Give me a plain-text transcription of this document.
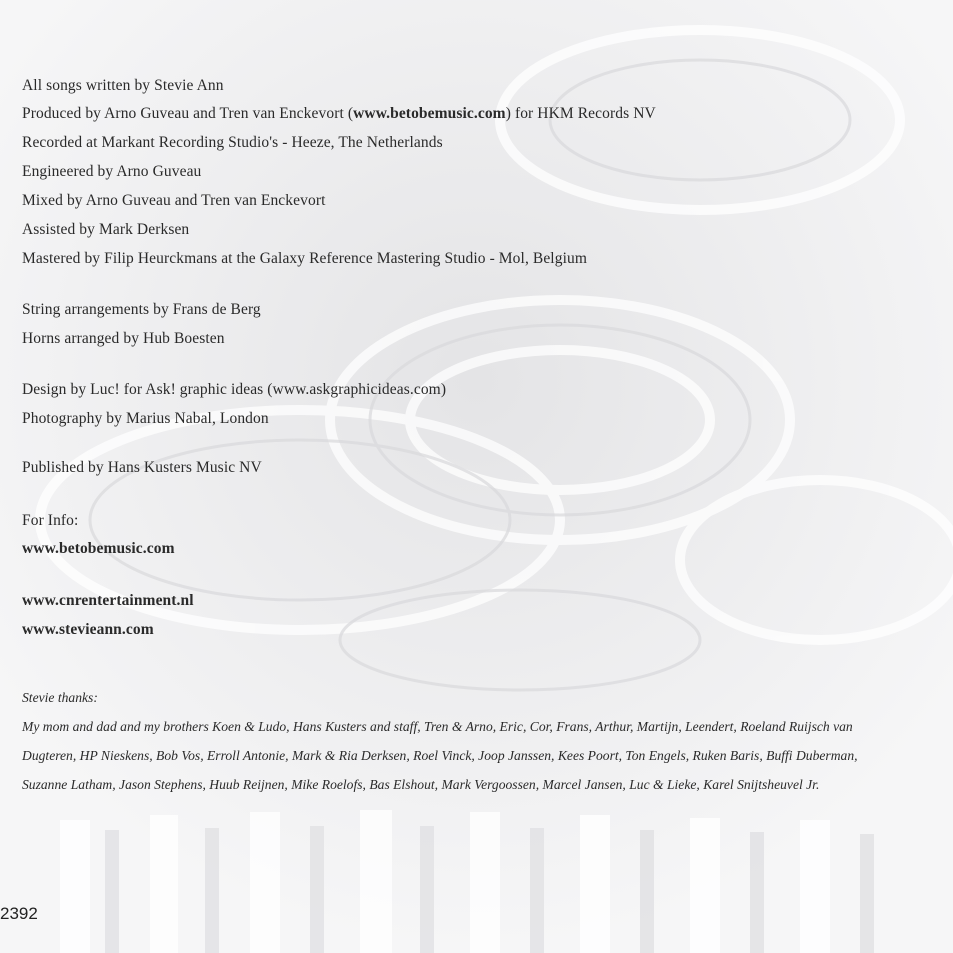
All songs written by Stevie Ann
Produced by Arno Guveau and Tren van Enckevort (www.betobemusic.com) for HKM Records NV
Recorded at Markant Recording Studio's - Heeze, The Netherlands
Engineered by Arno Guveau
Mixed by Arno Guveau and Tren van Enckevort
Assisted by Mark Derksen
Mastered by Filip Heurckmans at the Galaxy Reference Mastering Studio - Mol, Belgium
String arrangements by Frans de Berg
Horns arranged by Hub Boesten
Design by Luc! for Ask! graphic ideas (www.askgraphicideas.com)
Photography by Marius Nabal, London
Published by Hans Kusters Music NV
For Info:
www.betobemusic.com
www.cnrentertainment.nl
www.stevieann.com
Stevie thanks:
My mom and dad and my brothers Koen & Ludo, Hans Kusters and staff, Tren & Arno, Eric, Cor, Frans, Arthur, Martijn, Leendert, Roeland Ruijsch van Dugteren, HP Nieskens, Bob Vos, Erroll Antonie, Mark & Ria Derksen, Roel Vinck, Joop Janssen, Kees Poort, Ton Engels, Ruken Baris, Buffi Duberman, Suzanne Latham, Jason Stephens, Huub Reijnen, Mike Roelofs, Bas Elshout, Mark Vergoossen, Marcel Jansen, Luc & Lieke, Karel Snijtsheuvel Jr.
2392
